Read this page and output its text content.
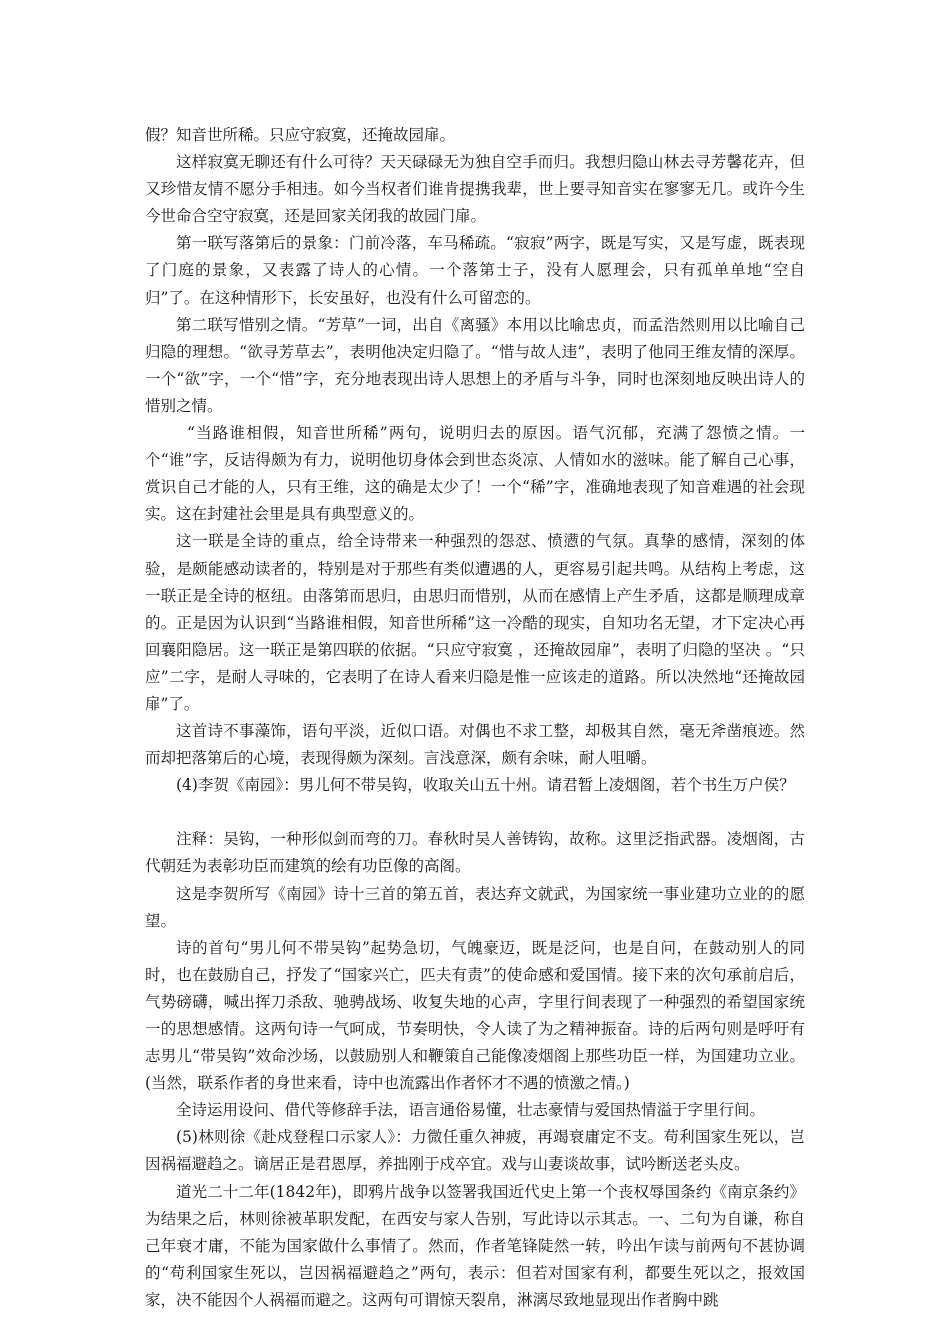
假？知音世所稀。只应守寂寞，还掩故园扉。

这样寂寞无聊还有什么可待？天天碌碌无为独自空手而归。我想归隐山林去寻芳馨花卉，但又珍惜友情不愿分手相违。如今当权者们谁肯提携我辈，世上要寻知音实在寥寥无几。或许今生今世命合空守寂寞，还是回家关闭我的故园门扉。

第一联写落第后的景象：门前冷落，车马稀疏。“寂寂”两字，既是写实，又是写虚，既表现了门庭的景象，又表露了诗人的心情。一个落第士子，没有人愿理会，只有孤单单地“空自归”了。在这种情形下，长安虽好，也没有什么可留恋的。

第二联写惜别之情。“芳草”一词，出自《离骚》本用以比喻忠贞，而孟浩然则用以比喻自己归隐的理想。“欲寻芳草去”，表明他决定归隐了。“惜与故人违”，表明了他同王维友情的深厚。一个“欲”字，一个“惜”字，充分地表现出诗人思想上的矛盾与斗争，同时也深刻地反映出诗人的惜别之情。

“当路谁相假，知音世所稀”两句，说明归去的原因。语气沉郁，充满了怨愤之情。一个“谁”字，反诘得颇为有力，说明他切身体会到世态炎凉、人情如水的滋味。能了解自己心事，赏识自己才能的人，只有王维，这的确是太少了！一个“稀”字，准确地表现了知音难遇的社会现实。这在封建社会里是具有典型意义的。

这一联是全诗的重点，给全诗带来一种强烈的怨怼、愤懑的气氛。真挚的感情，深刻的体验，是颇能感动读者的，特别是对于那些有类似遭遇的人，更容易引起共鸣。从结构上考虑，这一联正是全诗的枢纽。由落第而思归，由思归而惜别，从而在感情上产生矛盾，这都是顺理成章的。正是因为认识到“当路谁相假，知音世所稀”这一冷酷的现实，自知功名无望，才下定决心再回襄阳隐居。这一联正是第四联的依据。“只应守寂寞 ，还掩故园扉”，表明了归隐的坚决 。“只应”二字，是耐人寻味的，它表明了在诗人看来归隐是惟一应该走的道路。所以决然地“还掩故园扉”了。

这首诗不事藻饰，语句平淡，近似口语。对偶也不求工整，却极其自然，毫无斧凿痕迹。然而却把落第后的心境，表现得颇为深刻。言浅意深，颇有余味，耐人咀嚼。

(4)李贺《南园》：男儿何不带吴钩，收取关山五十州。请君暂上凌烟阁，若个书生万户侯？

注释：吴钩，一种形似剑而弯的刀。春秋时吴人善铸钩，故称。这里泛指武器。凌烟阁，古代朝廷为表彰功臣而建筑的绘有功臣像的高阁。

这是李贺所写《南园》诗十三首的第五首，表达弃文就武，为国家统一事业建功立业的的愿望。

诗的首句“男儿何不带吴钩”起势急切，气魄豪迈，既是泛问，也是自问，在鼓动别人的同时，也在鼓励自己，抒发了“国家兴亡，匹夫有责”的使命感和爱国情。接下来的次句承前启后，气势磅礴，喊出挥刀杀敌、驰骋战场、收复失地的心声，字里行间表现了一种强烈的希望国家统一的思想感情。这两句诗一气呵成，节奏明快，令人读了为之精神振奋。诗的后两句则是呼吁有志男儿“带吴钩”效命沙场，以鼓励别人和鞭策自己能像凌烟阁上那些功臣一样，为国建功立业。(当然，联系作者的身世来看，诗中也流露出作者怀才不遇的愤激之情。)

全诗运用设问、借代等修辞手法，语言通俗易懂，壮志豪情与爱国热情溢于字里行间。

(5)林则徐《赴戍登程口示家人》：力微任重久神疲，再竭衰庸定不支。苟利国家生死以，岂因祸福避趋之。谪居正是君恩厚，养拙刚于戍卒宜。戏与山妻谈故事，试吟断送老头皮。

道光二十二年(1842年)，即鸦片战争以签署我国近代史上第一个丧权辱国条约《南京条约》为结果之后，林则徐被革职发配，在西安与家人告别，写此诗以示其志。一、二句为自谦，称自己年衰才庸，不能为国家做什么事情了。然而，作者笔锋陡然一转，吟出乍读与前两句不甚协调的“苟利国家生死以，岂因祸福避趋之”两句，表示：但若对国家有利，都要生死以之，报效国家，决不能因个人祸福而避之。这两句可谓惊天裂帛，淋漓尽致地显现出作者胸中跳
